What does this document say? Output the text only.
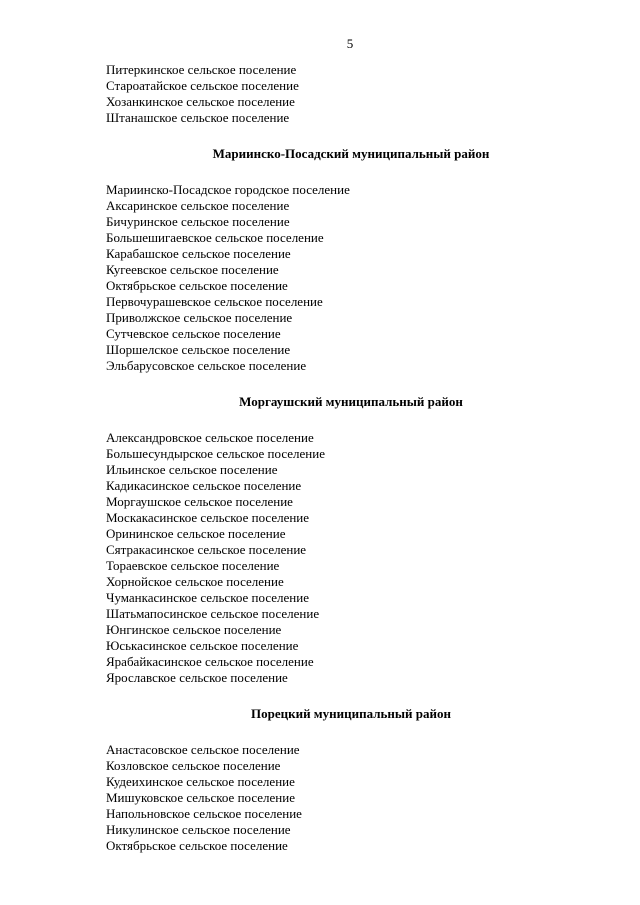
5
Питеркинское сельское поселение
Староатайское сельское поселение
Хозанкинское сельское поселение
Штанашское сельское поселение
Мариинско-Посадский муниципальный район
Мариинско-Посадское городское поселение
Аксаринское сельское поселение
Бичуринское сельское поселение
Большешигаевское сельское поселение
Карабашское сельское поселение
Кугеевское сельское поселение
Октябрьское сельское поселение
Первочурашевское сельское поселение
Приволжское сельское поселение
Сутчевское сельское поселение
Шоршелское сельское поселение
Эльбарусовское сельское поселение
Моргаушский муниципальный район
Александровское сельское поселение
Большесундырское сельское поселение
Ильинское сельское поселение
Кадикасинское сельское поселение
Моргаушское сельское поселение
Москакасинское сельское поселение
Орининское сельское поселение
Сятракасинское сельское поселение
Тораевское сельское поселение
Хорнойское сельское поселение
Чуманкасинское сельское поселение
Шатьмапосинское сельское поселение
Юнгинское сельское поселение
Юськасинское сельское поселение
Ярабайкасинское сельское поселение
Ярославское сельское поселение
Порецкий муниципальный район
Анастасовское сельское поселение
Козловское сельское поселение
Кудеихинское сельское поселение
Мишуковское сельское поселение
Напольновское сельское поселение
Никулинское сельское поселение
Октябрьское сельское поселение
